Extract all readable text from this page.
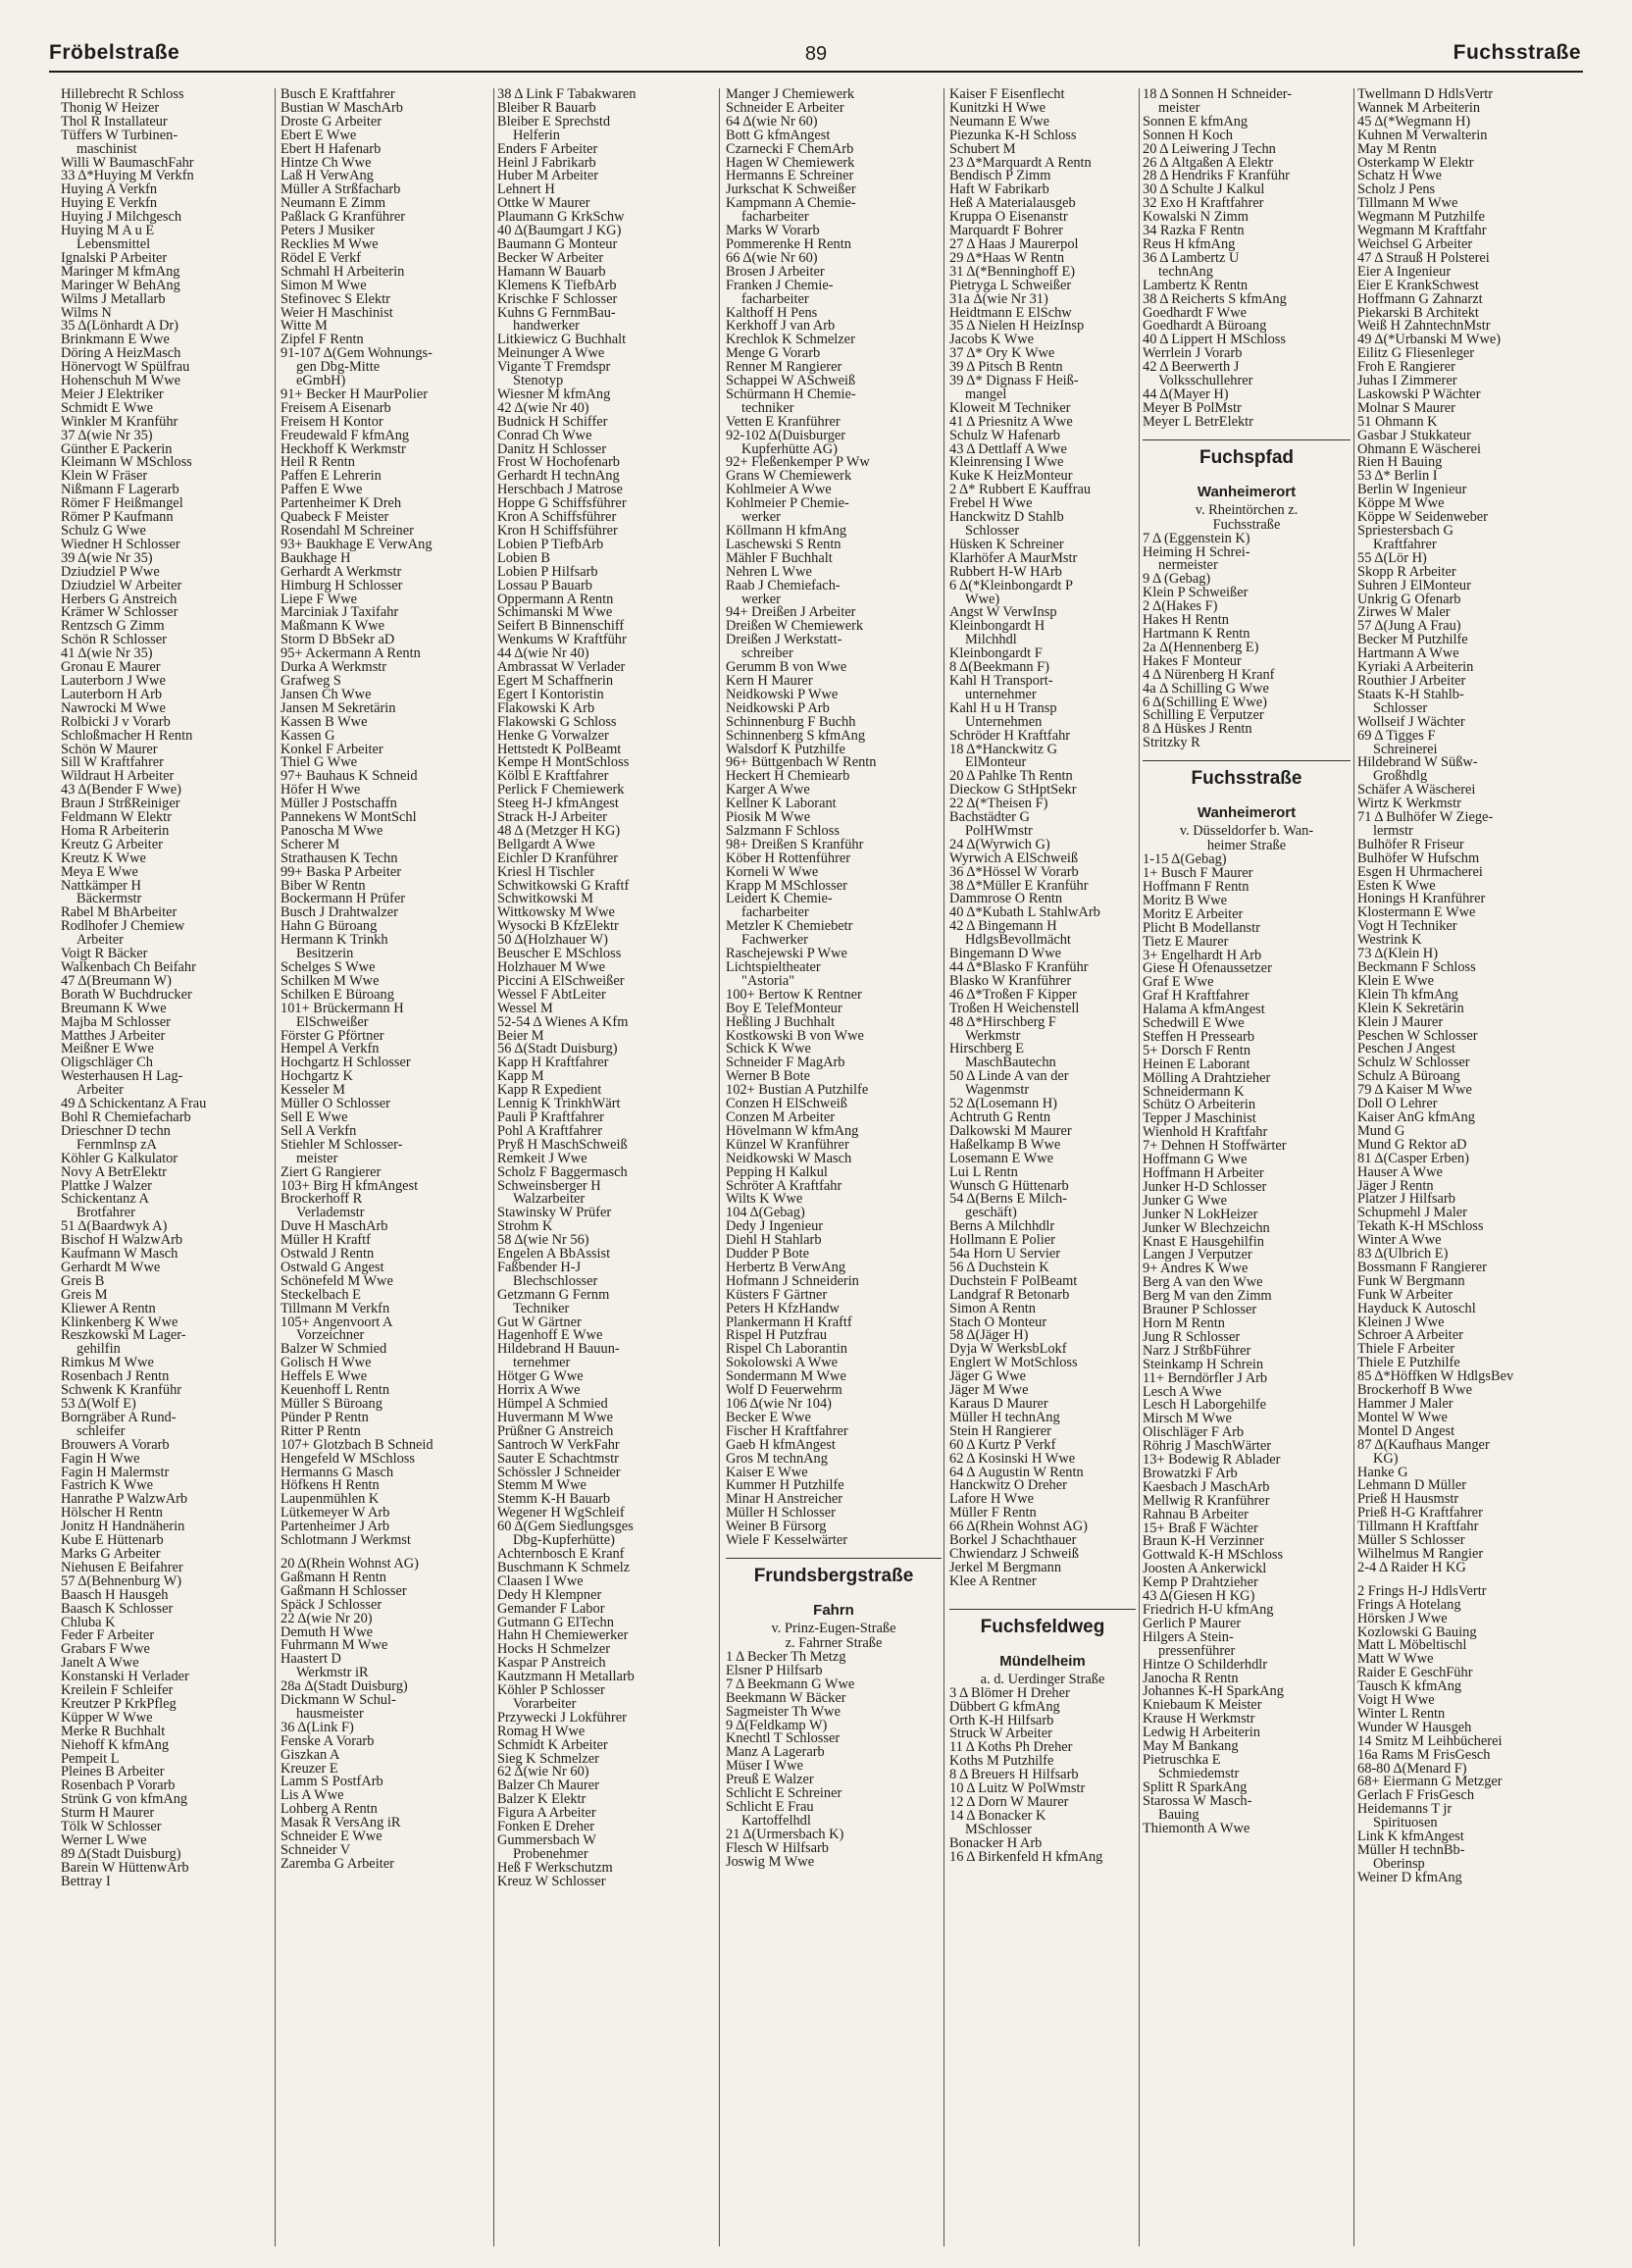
Fröbelstraße	89	Fuchsstraße
Hillebrecht R Schloss
Thonig W Heizer
Thol R Installateur
Tüffers W Turbinen-
maschinist
Willi W BaumaschFahr
33 Δ*Huying M Verkfn
Huying A Verkfn
Huying E Verkfn
Huying J Milchgesch
Huying M A u E
Lebensmittel
Ignalski P Arbeiter
Maringer M kfmAng
Maringer W BehAng
Wilms J Metallarb
Wilms N
35 Δ(Lönhardt A Dr)
Brinkmann E Wwe
Döring A HeizMasch
Hönervogt W Spülfrau
Hohenschuh M Wwe
Meier J Elektriker
Schmidt E Wwe
Winkler M Kranführ
37 Δ(wie Nr 35)
Günther E Packerin
Kleimann W MSchloss
Klein W Fräser
Nißmann F Lagerarb
Römer F Heißmangel
Römer P Kaufmann
Schulz G Wwe
Wiedner H Schlosser
39 Δ(wie Nr 35)
Dziudziel P Wwe
Dziudziel W Arbeiter
Herbers G Anstreich
Krämer W Schlosser
Rentzsch G Zimm
Schön R Schlosser
41 Δ(wie Nr 35)
Gronau E Maurer
Lauterborn J Wwe
Lauterborn H Arb
Nawrocki M Wwe
Rolbicki J v Vorarb
Schloßmacher H Rentn
Schön W Maurer
Sill W Kraftfahrer
Wildraut H Arbeiter
43 Δ(Bender F Wwe)
Braun J StrßReiniger
Feldmann W Elektr
Homa R Arbeiterin
Kreutz G Arbeiter
Kreutz K Wwe
Meya E Wwe
Nattkämper H
Bäckermstr
Rabel M BhArbeiter
Rodlhofer J Chemiew
Arbeiter
Voigt R Bäcker
Walkenbach Ch Beifahr
47 Δ(Breumann W)
Borath W Buchdrucker
Breumann K Wwe
Majba M Schlosser
Matthes J Arbeiter
Meißner E Wwe
Oligschläger Ch
Westerhausen H Lag-
Arbeiter
49 Δ Schickentanz A Frau
Bohl R Chemiefacharb
Drieschner D techn
Fernmlnsp zA
Köhler G Kalkulator
Novy A BetrElektr
Plattke J Walzer
Schickentanz A
Brotfahrer
51 Δ(Baardwyk A)
Bischof H WalzwArb
Kaufmann W Masch
Gerhardt M Wwe
Greis B
Greis M
Kliewer A Rentn
Klinkenberg K Wwe
Reszkowski M Lager-
gehilfin
Rimkus M Wwe
Rosenbach J Rentn
Schwenk K Kranführ
53 Δ(Wolf E)
Borngräber A Rund-
schleifer
Brouwers A Vorarb
Fagin H Wwe
Fagin H Malermstr
Fastrich K Wwe
Hanrathe P WalzwArb
Hölscher H Rentn
Jonitz H Handnäherin
Kube E Hüttenarb
Marks G Arbeiter
Niehusen E Beifahrer
57 Δ(Behnenburg W)
Baasch H Hausgeh
Baasch K Schlosser
Chluba K
Feder F Arbeiter
Grabars F Wwe
Janelt A Wwe
Konstanski H Verlader
Kreilein F Schleifer
Kreutzer P KrkPfleg
Küpper W Wwe
Merke R Buchhalt
Niehoff K kfmAng
Pempeit L
Pleines B Arbeiter
Rosenbach P Vorarb
Strünk G von kfmAng
Sturm H Maurer
Tölk W Schlosser
Werner L Wwe
89 Δ(Stadt Duisburg)
Barein W HüttenwArb
Bettray I
Busch E Kraftfahrer
Bustian W MaschArb
Droste G Arbeiter
Ebert E Wwe
Ebert H Hafenarb
Hintze Ch Wwe
Laß H VerwAng
Müller A Strßfacharb
Neumann E Zimm
Paßlack G Kranführer
Peters J Musiker
Recklies M Wwe
Rödel E Verkf
Schmahl H Arbeiterin
Simon M Wwe
Stefinovec S Elektr
Weier H Maschinist
Witte M
Zipfel F Rentn
91-107 Δ(Gem Wohnungs-
gen Dbg-Mitte
eGmbH)
91+ Becker H MaurPolier
Freisem A Eisenarb
Freisem H Kontor
Freudewald F kfmAng
Heckhoff K Werkmstr
Heil R Rentn
Paffen E Lehrerin
Paffen E Wwe
Partenheimer K Dreh
Quabeck F Meister
Rosendahl M Schreiner
93+ Baukhage E VerwAng
Baukhage H
Gerhardt A Werkmstr
Himburg H Schlosser
Liepe F Wwe
Marciniak J Taxifahr
Maßmann K Wwe
Storm D BbSekr aD
95+ Ackermann A Rentn
Durka A Werkmstr
Grafweg S
Jansen Ch Wwe
Jansen M Sekretärin
Kassen B Wwe
Kassen G
Konkel F Arbeiter
Thiel G Wwe
97+ Bauhaus K Schneid
Höfer H Wwe
Müller J Postschaffn
Pannekens W MontSchl
Panoscha M Wwe
Scherer M
Strathausen K Techn
99+ Baska P Arbeiter
Biber W Rentn
Bockermann H Prüfer
Busch J Drahtwalzer
Hahn G Büroang
Hermann K Trinkh
Besitzerin
Schelges S Wwe
Schilken M Wwe
Schilken E Büroang
101+ Brückermann H
ElSchweißer
Förster G Pförtner
Hempel A Verkfn
Hochgartz H Schlosser
Hochgartz K
Kesseler M
Müller O Schlosser
Sell E Wwe
Sell A Verkfn
Stiehler M Schlosser-
meister
Ziert G Rangierer
103+ Birg H kfmAngest
Brockerhoff R
Verlademstr
Duve H MaschArb
Müller H Kraftf
Ostwald J Rentn
Ostwald G Angest
Schönefeld M Wwe
Steckelbach E
Tillmann M Verkfn
105+ Angenvoort A
Vorzeichner
Balzer W Schmied
Golisch H Wwe
Heffels E Wwe
Keuenhoff L Rentn
Müller S Büroang
Pünder P Rentn
Ritter P Rentn
107+ Glotzbach B Schneid
Hengefeld W MSchloss
Hermanns G Masch
Höfkens H Rentn
Laupenmühlen K
Lütkemeyer W Arb
Partenheimer J Arb
Schlotmann J Werkmst
20 Δ(Rhein Wohnst AG)
Gaßmann H Rentn
Gaßmann H Schlosser
Späck J Schlosser
22 Δ(wie Nr 20)
Demuth H Wwe
Fuhrmann M Wwe
Haastert D
Werkmstr iR
28a Δ(Stadt Duisburg)
Dickmann W Schul-
hausmeister
36 Δ(Link F)
Fenske A Vorarb
Giszkan A
Kreuzer E
Lamm S PostfArb
Lis A Wwe
Lohberg A Rentn
Masak R VersAng iR
Schneider E Wwe
Schneider V
Zaremba G Arbeiter
38 Δ Link F Tabakwaren
Bleiber R Bauarb
Bleiber E Sprechstd
Helferin
Enders F Arbeiter
Heinl J Fabrikarb
Huber M Arbeiter
Lehnert H
Ottke W Maurer
Plaumann G KrkSchw
40 Δ(Baumgart J KG)
Baumann G Monteur
Becker W Arbeiter
Hamann W Bauarb
Klemens K TiefbArb
Krischke F Schlosser
Kuhns G FernmBau-
handwerker
Litkiewicz G Buchhalt
Meinunger A Wwe
Vigante T Fremdspr
Stenotyp
Wiesner M kfmAng
42 Δ(wie Nr 40)
Budnick H Schiffer
Conrad Ch Wwe
Danitz H Schlosser
Frost W Hochofenarb
Gerhardt H technAng
Herschbach J Matrose
Hoppe G Schiffsführer
Kron A Schiffsführer
Kron H Schiffsführer
Lobien P TiefbArb
Lobien B
Lobien P Hilfsarb
Lossau P Bauarb
Oppermann A Rentn
Schimanski M Wwe
Seifert B Binnenschiff
Wenkums W Kraftführ
44 Δ(wie Nr 40)
Ambrassat W Verlader
Egert M Schaffnerin
Egert I Kontoristin
Flakowski K Arb
Flakowski G Schloss
Henke G Vorwalzer
Hettstedt K PolBeamt
Kempe H MontSchloss
Kölbl E Kraftfahrer
Perlick F Chemiewerk
Steeg H-J kfmAngest
Strack H-J Arbeiter
48 Δ (Metzger H KG)
Bellgardt A Wwe
Eichler D Kranführer
Kriesl H Tischler
Schwitkowski G Kraftf
Schwitkowski M
Wittkowsky M Wwe
Wysocki B KfzElektr
50 Δ(Holzhauer W)
Beuscher E MSchloss
Holzhauer M Wwe
Piccini A ElSchweißer
Wessel F AbtLeiter
Wessel M
52-54 Δ Wienes A Kfm
Beier M
56 Δ(Stadt Duisburg)
Kapp H Kraftfahrer
Kapp M
Kapp R Expedient
Lennig K TrinkhWärt
Pauli P Kraftfahrer
Pohl A Kraftfahrer
Pryß H MaschSchweiß
Remkeit J Wwe
Scholz F Baggermasch
Schweinsberger H
Walzarbeiter
Stawinsky W Prüfer
Strohm K
58 Δ(wie Nr 56)
Engelen A BbAssist
Faßbender H-J
Blechschlosser
Getzmann G Fernm
Techniker
Gut W Gärtner
Hagenhoff E Wwe
Hildebrand H Bauun-
ternehmer
Hötger G Wwe
Horrix A Wwe
Hümpel A Schmied
Huvermann M Wwe
Prüßner G Anstreich
Santroch W VerkFahr
Sauter E Schachtmstr
Schössler J Schneider
Stemm M Wwe
Stemm K-H Bauarb
Wegener H WgSchleif
60 Δ(Gem Siedlungsges
Dbg-Kupferhütte)
Achternbosch E Kranf
Buschmann K Schmelz
Claasen I Wwe
Dedy H Klempner
Gemander F Labor
Gutmann G ElTechn
Hahn H Chemiewerker
Hocks H Schmelzer
Kaspar P Anstreich
Kautzmann H Metallarb
Köhler P Schlosser
Vorarbeiter
Przywecki J Lokführer
Romag H Wwe
Schmidt K Arbeiter
Sieg K Schmelzer
62 Δ(wie Nr 60)
Balzer Ch Maurer
Balzer K Elektr
Figura A Arbeiter
Fonken E Dreher
Gummersbach W
Probenehmer
Heß F Werkschutzm
Kreuz W Schlosser
Manger J Chemiewerk
Schneider E Arbeiter
64 Δ(wie Nr 60)
Bott G kfmAngest
Czarnecki F ChemArb
Hagen W Chemiewerk
Hermanns E Schreiner
Jurkschat K Schweißer
Kampmann A Chemie-
facharbeiter
Marks W Vorarb
Pommerenke H Rentn
66 Δ(wie Nr 60)
Brosen J Arbeiter
Franken J Chemie-
facharbeiter
Kalthoff H Pens
Kerkhoff J van Arb
Krechlok K Schmelzer
Menge G Vorarb
Renner M Rangierer
Schappei W ASchweiß
Schürmann H Chemie-
techniker
Vetten E Kranführer
92-102 Δ(Duisburger
Kupferhütte AG)
92+ Fleßenkemper P Ww
Grans W Chemiewerk
Kohlmeier A Wwe
Kohlmeier P Chemie-
werker
Köllmann H kfmAng
Laschewski S Rentn
Mähler F Buchhalt
Nehren L Wwe
Raab J Chemiefach-
werker
94+ Dreißen J Arbeiter
Dreißen W Chemiewerk
Dreißen J Werkstatt-
schreiber
Gerumm B von Wwe
Kern H Maurer
Neidkowski P Wwe
Neidkowski P Arb
Schinnenburg F Buchh
Schinnenberg S kfmAng
Walsdorf K Putzhilfe
96+ Büttgenbach W Rentn
Heckert H Chemiearb
Karger A Wwe
Kellner K Laborant
Piosik M Wwe
Salzmann F Schloss
98+ Dreißen S Kranführ
Köber H Rottenführer
Korneli W Wwe
Krapp M MSchlosser
Leidert K Chemie-
facharbeiter
Metzler K Chemiebetr
Fachwerker
Raschejewski P Wwe
Lichtspieltheater
"Astoria"
100+ Bertow K Rentner
Boy E TelefMonteur
Heßling J Buchhalt
Kostkowski B von Wwe
Schick K Wwe
Schneider F MagArb
Werner B Bote
102+ Bustian A Putzhilfe
Conzen H ElSchweiß
Conzen M Arbeiter
Hövelmann W kfmAng
Künzel W Kranführer
Neidkowski W Masch
Pepping H Kalkul
Schröter A Kraftfahr
Wilts K Wwe
104 Δ(Gebag)
Dedy J Ingenieur
Diehl H Stahlarb
Dudder P Bote
Herbertz B VerwAng
Hofmann J Schneiderin
Küsters F Gärtner
Peters H KfzHandw
Plankermann H Kraftf
Rispel H Putzfrau
Rispel Ch Laborantin
Sokolowski A Wwe
Sondermann M Wwe
Wolf D Feuerwehrm
106 Δ(wie Nr 104)
Becker E Wwe
Fischer H Kraftfahrer
Gaeb H kfmAngest
Gros M technAng
Kaiser E Wwe
Kummer H Putzhilfe
Minar H Anstreicher
Müller H Schlosser
Weiner B Fürsorg
Wiele F Kesselwärter
Frundsbergstraße
Fahrn
v. Prinz-Eugen-Straße
z. Fahrner Straße
1 Δ Becker Th Metzg
Elsner P Hilfsarb
7 Δ Beekmann G Wwe
Beekmann W Bäcker
Sagmeister Th Wwe
9 Δ(Feldkamp W)
Knechtl T Schlosser
Manz A Lagerarb
Müser I Wwe
Preuß E Walzer
Schlicht E Schreiner
Schlicht E Frau
Kartoffelhdl
21 Δ(Urmersbach K)
Flesch W Hilfsarb
Joswig M Wwe
Kaiser F Eisenflecht
Kunitzki H Wwe
Neumann E Wwe
Piezunka K-H Schloss
Schubert M
23 Δ*Marquardt A Rentn
Bendisch P Zimm
Haft W Fabrikarb
Heß A Materialausgeb
Kruppa O Eisenanstr
Marquardt F Bohrer
27 Δ Haas J Maurerpol
29 Δ*Haas W Rentn
31 Δ(*Benninghoff E)
Pietryga L Schweißer
31a Δ(wie Nr 31)
Heidtmann E ElSchw
35 Δ Nielen H HeizInsp
Jacobs K Wwe
37 Δ* Ory K Wwe
39 Δ Pitsch B Rentn
39 Δ* Dignass F Heiß-
mangel
Kloweit M Techniker
41 Δ Priesnitz A Wwe
Schulz W Hafenarb
43 Δ Dettlaff A Wwe
Kleinrensing I Wwe
Kuke K HeizMonteur
2 Δ* Rubbert E Kauffrau
Frebel H Wwe
Hanckwitz D Stahlb
Schlosser
Hüsken K Schreiner
Klarhöfer A MaurMstr
Rubbert H-W HArb
6 Δ(*Kleinbongardt P
Wwe)
Angst W VerwInsp
Kleinbongardt H
Milchhdl
Kleinbongardt F
8 Δ(Beekmann F)
Kahl H Transport-
unternehmer
Kahl H u H Transp
Unternehmen
Schröder H Kraftfahr
18 Δ*Hanckwitz G
ElMonteur
20 Δ Pahlke Th Rentn
Dieckow G StHptSekr
22 Δ(*Theisen F)
Bachstädter G
PolHWmstr
24 Δ(Wyrwich G)
Wyrwich A ElSchweiß
36 Δ*Hössel W Vorarb
38 Δ*Müller E Kranführ
Dammrose O Rentn
40 Δ*Kubath L StahlwArb
42 Δ Bingemann H
HdlgsBevollmächt
Bingemann D Wwe
44 Δ*Blasko F Kranführ
Blasko W Kranführer
46 Δ*Troßen F Kipper
Troßen H Weichenstell
48 Δ*Hirschberg F
Werkmstr
Hirschberg E
MaschBautechn
50 Δ Linde A van der
Wagenmstr
52 Δ(Losemann H)
Achtruth G Rentn
Dalkowski M Maurer
Haßelkamp B Wwe
Losemann E Wwe
Lui L Rentn
Wunsch G Hüttenarb
54 Δ(Berns E Milch-
geschäft)
Berns A Milchhdlr
Hollmann E Polier
54a Horn U Servier
56 Δ Duchstein K
Duchstein F PolBeamt
Landgraf R Betonarb
Simon A Rentn
Stach O Monteur
58 Δ(Jäger H)
Dyja W WerksbLokf
Englert W MotSchloss
Jäger G Wwe
Jäger M Wwe
Karaus D Maurer
Müller H technAng
Stein H Rangierer
60 Δ Kurtz P Verkf
62 Δ Kosinski H Wwe
64 Δ Augustin W Rentn
Hanckwitz O Dreher
Lafore H Wwe
Müller F Rentn
66 Δ(Rhein Wohnst AG)
Borkel J Schachthauer
Chwiendarz J Schweiß
Jerkel M Bergmann
Klee A Rentner
Fuchsfeldweg
Mündelheim
a. d. Uerdinger Straße
3 Δ Blömer H Dreher
Dübbert G kfmAng
Orth K-H Hilfsarb
Struck W Arbeiter
11 Δ Koths Ph Dreher
Koths M Putzhilfe
8 Δ Breuers H Hilfsarb
10 Δ Luitz W PolWmstr
12 Δ Dorn W Maurer
14 Δ Bonacker K
MSchlosser
Bonacker H Arb
16 Δ Birkenfeld H kfmAng
18 Δ Sonnen H Schneider-
meister
Sonnen E kfmAng
Sonnen H Koch
20 Δ Leiwering J Techn
26 Δ Altgaßen A Elektr
28 Δ Hendriks F Kranführ
30 Δ Schulte J Kalkul
32 Exo H Kraftfahrer
Kowalski N Zimm
34 Razka F Rentn
Reus H kfmAng
36 Δ Lambertz U
technAng
Lambertz K Rentn
38 Δ Reicherts S kfmAng
Goedhardt F Wwe
Goedhardt A Büroang
40 Δ Lippert H MSchloss
Werrlein J Vorarb
42 Δ Beerwerth J
Volksschullehrer
44 Δ(Mayer H)
Meyer B PolMstr
Meyer L BetrElektr
Fuchspfad
Wanheimerort
v. Rheintörchen z.
Fuchsstraße
7 Δ (Eggenstein K)
Heiming H Schrei-
nermeister
9 Δ (Gebag)
Klein P Schweißer
2 Δ(Hakes F)
Hakes H Rentn
Hartmann K Rentn
2a Δ(Hennenberg E)
Hakes F Monteur
4 Δ Nürenberg H Kranf
4a Δ Schilling G Wwe
6 Δ(Schilling E Wwe)
Schilling E Verputzer
8 Δ Hüskes J Rentn
Stritzky R
Fuchsstraße
Wanheimerort
v. Düsseldorfer b. Wan-
heimer Straße
1-15 Δ(Gebag)
1+ Busch F Maurer
Hoffmann F Rentn
Moritz B Wwe
Moritz E Arbeiter
Plicht B Modellanstr
Tietz E Maurer
3+ Engelhardt H Arb
Giese H Ofenaussetzer
Graf E Wwe
Graf H Kraftfahrer
Halama A kfmAngest
Schedwill E Wwe
Steffen H Pressearb
5+ Dorsch F Rentn
Heinen E Laborant
Mölling A Drahtzieher
Schneidermann K
Schütz O Arbeiterin
Tepper J Maschinist
Wienhold H Kraftfahr
7+ Dehnen H Stoffwärter
Hoffmann G Wwe
Hoffmann H Arbeiter
Junker H-D Schlosser
Junker G Wwe
Junker N LokHeizer
Junker W Blechzeichn
Knast E Hausgehilfin
Langen J Verputzer
9+ Andres K Wwe
Berg A van den Wwe
Berg M van den Zimm
Brauner P Schlosser
Horn M Rentn
Jung R Schlosser
Narz J StrßbFührer
Steinkamp H Schrein
11+ Berndörfler J Arb
Lesch A Wwe
Lesch H Laborgehilfe
Mirsch M Wwe
Olischläger F Arb
Röhrig J MaschWärter
13+ Bodewig R Ablader
Browatzki F Arb
Kaesbach J MaschArb
Mellwig R Kranführer
Rahnau B Arbeiter
15+ Braß F Wächter
Braun K-H Verzinner
Gottwald K-H MSchloss
Joosten A Ankerwickl
Kemp P Drahtzieher
43 Δ(Giesen H KG)
Friedrich H-U kfmAng
Gerlich P Maurer
Hilgers A Stein-
pressenführer
Hintze O Schilderhdlr
Janocha R Rentn
Johannes K-H SparkAng
Kniebaum K Meister
Krause H Werkmstr
Ledwig H Arbeiterin
May M Bankang
Pietruschka E
Schmiedemstr
Splitt R SparkAng
Starossa W Masch-
Bauing
Thiemonth A Wwe
Twellmann D HdlsVertr
Wannek M Arbeiterin
45 Δ(*Wegmann H)
Kuhnen M Verwalterin
May M Rentn
Osterkamp W Elektr
Schatz H Wwe
Scholz J Pens
Tillmann M Wwe
Wegmann M Putzhilfe
Wegmann M Kraftfahr
Weichsel G Arbeiter
47 Δ Strauß H Polsterei
Eier A Ingenieur
Eier E KrankSchwest
Hoffmann G Zahnarzt
Piekarski B Architekt
Weiß H ZahntechnMstr
49 Δ(*Urbanski M Wwe)
Eilitz G Fliesenleger
Froh E Rangierer
Juhas I Zimmerer
Laskowski P Wächter
Molnar S Maurer
51 Ohmann K
Gasbar J Stukkateur
Ohmann E Wäscherei
Rien H Bauing
53 Δ* Berlin I
Berlin W Ingenieur
Köppe M Wwe
Köppe W Seidenweber
Spriestersbach G
Kraftfahrer
55 Δ(Lör H)
Skopp R Arbeiter
Suhren J ElMonteur
Unkrig G Ofenarb
Zirwes W Maler
57 Δ(Jung A Frau)
Becker M Putzhilfe
Hartmann A Wwe
Kyriaki A Arbeiterin
Routhier J Arbeiter
Staats K-H Stahlb-
Schlosser
Wollseif J Wächter
69 Δ Tigges F
Schreinerei
Hildebrand W Süßw-
Großhdlg
Schäfer A Wäscherei
Wirtz K Werkmstr
71 Δ Bulhöfer W Ziege-
lermstr
Bulhöfer R Friseur
Bulhöfer W Hufschm
Esgen H Uhrmacherei
Esten K Wwe
Honings H Kranführer
Klostermann E Wwe
Vogt H Techniker
Westrink K
73 Δ(Klein H)
Beckmann F Schloss
Klein E Wwe
Klein Th kfmAng
Klein K Sekretärin
Klein J Maurer
Peschen W Schlosser
Peschen J Angest
Schulz W Schlosser
Schulz A Büroang
79 Δ Kaiser M Wwe
Doll O Lehrer
Kaiser AnG kfmAng
Mund G
Mund G Rektor aD
81 Δ(Casper Erben)
Hauser A Wwe
Jäger J Rentn
Platzer J Hilfsarb
Schupmehl J Maler
Tekath K-H MSchloss
Winter A Wwe
83 Δ(Ulbrich E)
Bossmann F Rangierer
Funk W Bergmann
Funk W Arbeiter
Hayduck K Autoschl
Kleinen J Wwe
Schroer A Arbeiter
Thiele F Arbeiter
Thiele E Putzhilfe
85 Δ*Höffken W HdlgsBev
Brockerhoff B Wwe
Hammer J Maler
Montel W Wwe
Montel D Angest
87 Δ(Kaufhaus Manger
KG)
Hanke G
Lehmann D Müller
Prieß H Hausmstr
Prieß H-G Kraftfahrer
Tillmann H Kraftfahr
Müller S Schlosser
Wilhelmus M Rangier
2-4 Δ Raider H KG
2 Frings H-J HdlsVertr
Frings A Hotelang
Hörsken J Wwe
Kozlowski G Bauing
Matt L Möbeltischl
Matt W Wwe
Raider E GeschFühr
Tausch K kfmAng
Voigt H Wwe
Winter L Rentn
Wunder W Hausgeh
14 Smitz M Leihbücherei
16a Rams M FrisGesch
68-80 Δ(Menard F)
68+ Eiermann G Metzger
Gerlach F FrisGesch
Heidemanns T jr
Spirituosen
Link K kfmAngest
Müller H technBb-
Oberinsp
Weiner D kfmAng
